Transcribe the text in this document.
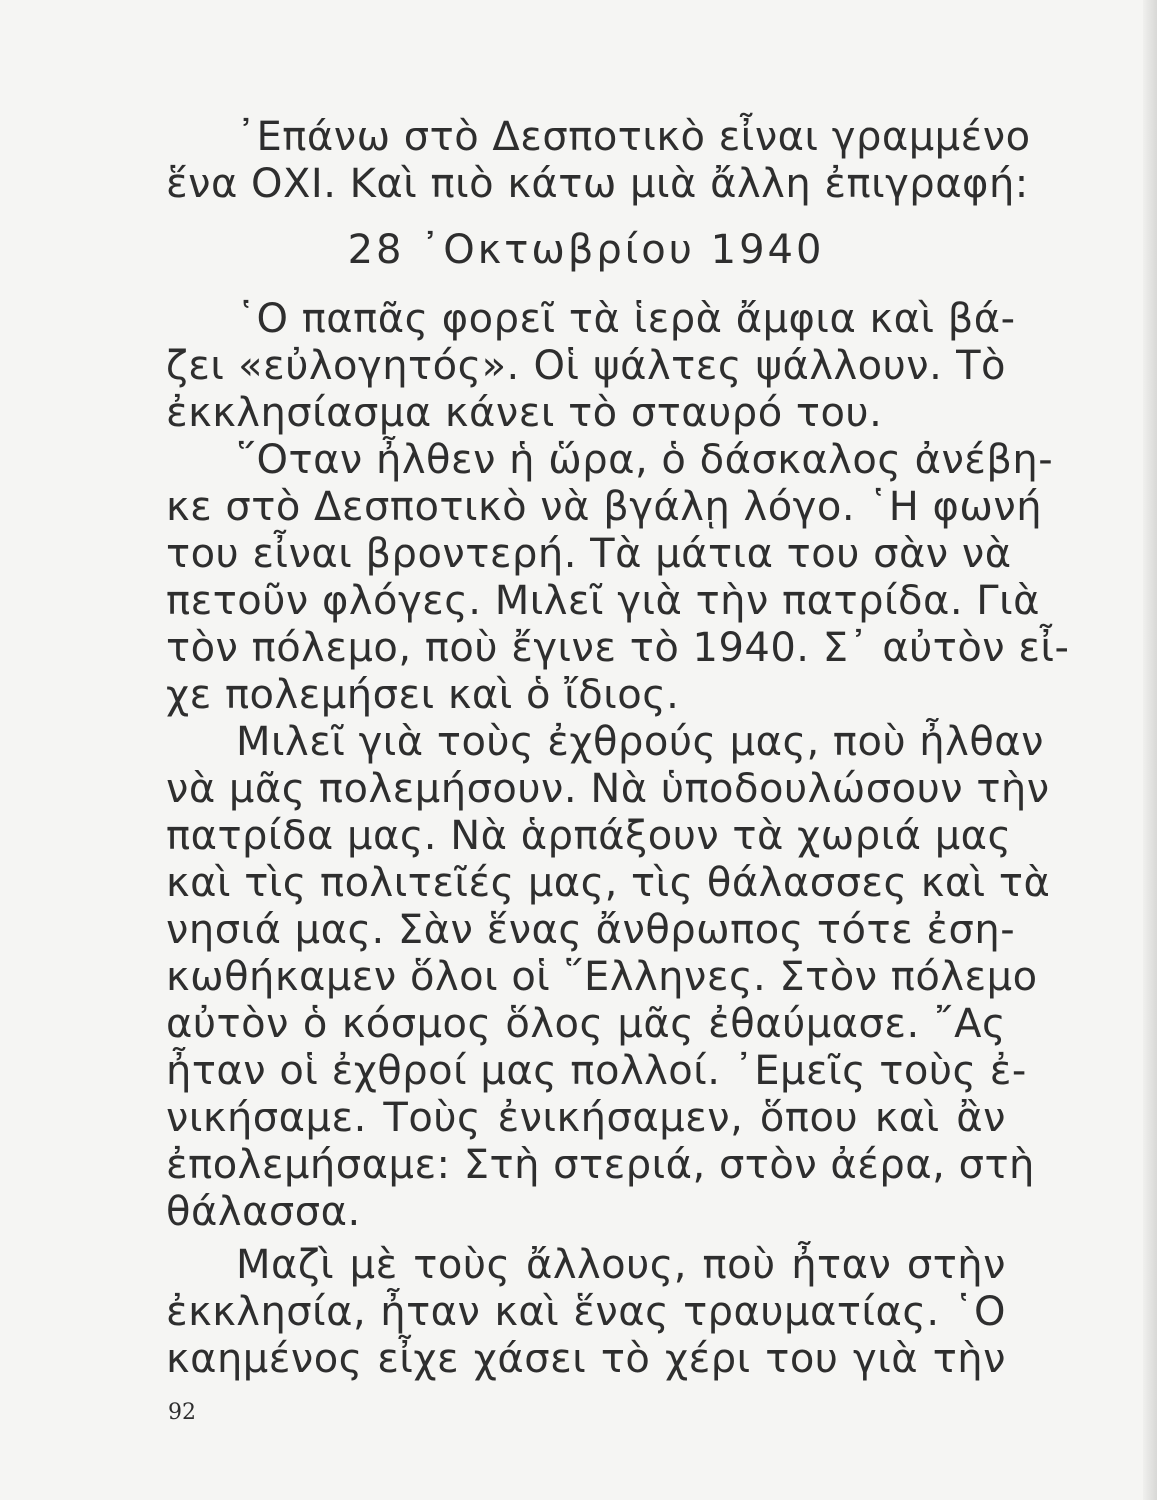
᾿Επάνω στὸ Δεσποτικὸ εἶναι γραμμένο
ἕνα ΟΧΙ. Καὶ πιὸ κάτω μιὰ ἄλλη ἐπιγραφή:
28 ᾿Οκτωβρίου 1940
῾Ο παπᾶς φορεῖ τὰ ἱερὰ ἄμφια καὶ βά-
ζει «εὐλογητός». Οἱ ψάλτες ψάλλουν. Τὸ
ἐκκλησίασμα κάνει τὸ σταυρό του.
῞Οταν ἦλθεν ἡ ὥρα, ὁ δάσκαλος ἀνέβη-
κε στὸ Δεσποτικὸ νὰ βγάλῃ λόγο. ῾Η φωνή
του εἶναι βροντερή. Τὰ μάτια του σὰν νὰ
πετοῦν φλόγες. Μιλεῖ γιὰ τὴν πατρίδα. Γιὰ
τὸν πόλεμο, ποὺ ἔγινε τὸ 1940. Σ᾿ αὐτὸν εἶ-
χε πολεμήσει καὶ ὁ ἴδιος.
Μιλεῖ γιὰ τοὺς ἐχθρούς μας, ποὺ ἦλθαν
νὰ μᾶς πολεμήσουν. Νὰ ὑποδουλώσουν τὴν
πατρίδα μας. Νὰ ἁρπάξουν τὰ χωριά μας
καὶ τὶς πολιτεῖές μας, τὶς θάλασσες καὶ τὰ
νησιά μας. Σὰν ἕνας ἄνθρωπος τότε ἐση-
κωθήκαμεν ὅλοι οἱ ῞Ελληνες. Στὸν πόλεμο
αὐτὸν ὁ κόσμος ὅλος μᾶς ἐθαύμασε. ῎Ας
ἦταν οἱ ἐχθροί μας πολλοί. ᾿Εμεῖς τοὺς ἐ-
νικήσαμε. Τοὺς ἐνικήσαμεν, ὅπου καὶ ἂν
ἐπολεμήσαμε: Στὴ στεριά, στὸν ἀέρα, στὴ
θάλασσα.
Μαζὶ μὲ τοὺς ἄλλους, ποὺ ἦταν στὴν
ἐκκλησία, ἦταν καὶ ἕνας τραυματίας. ῾Ο
καημένος εἶχε χάσει τὸ χέρι του γιὰ τὴν
92
